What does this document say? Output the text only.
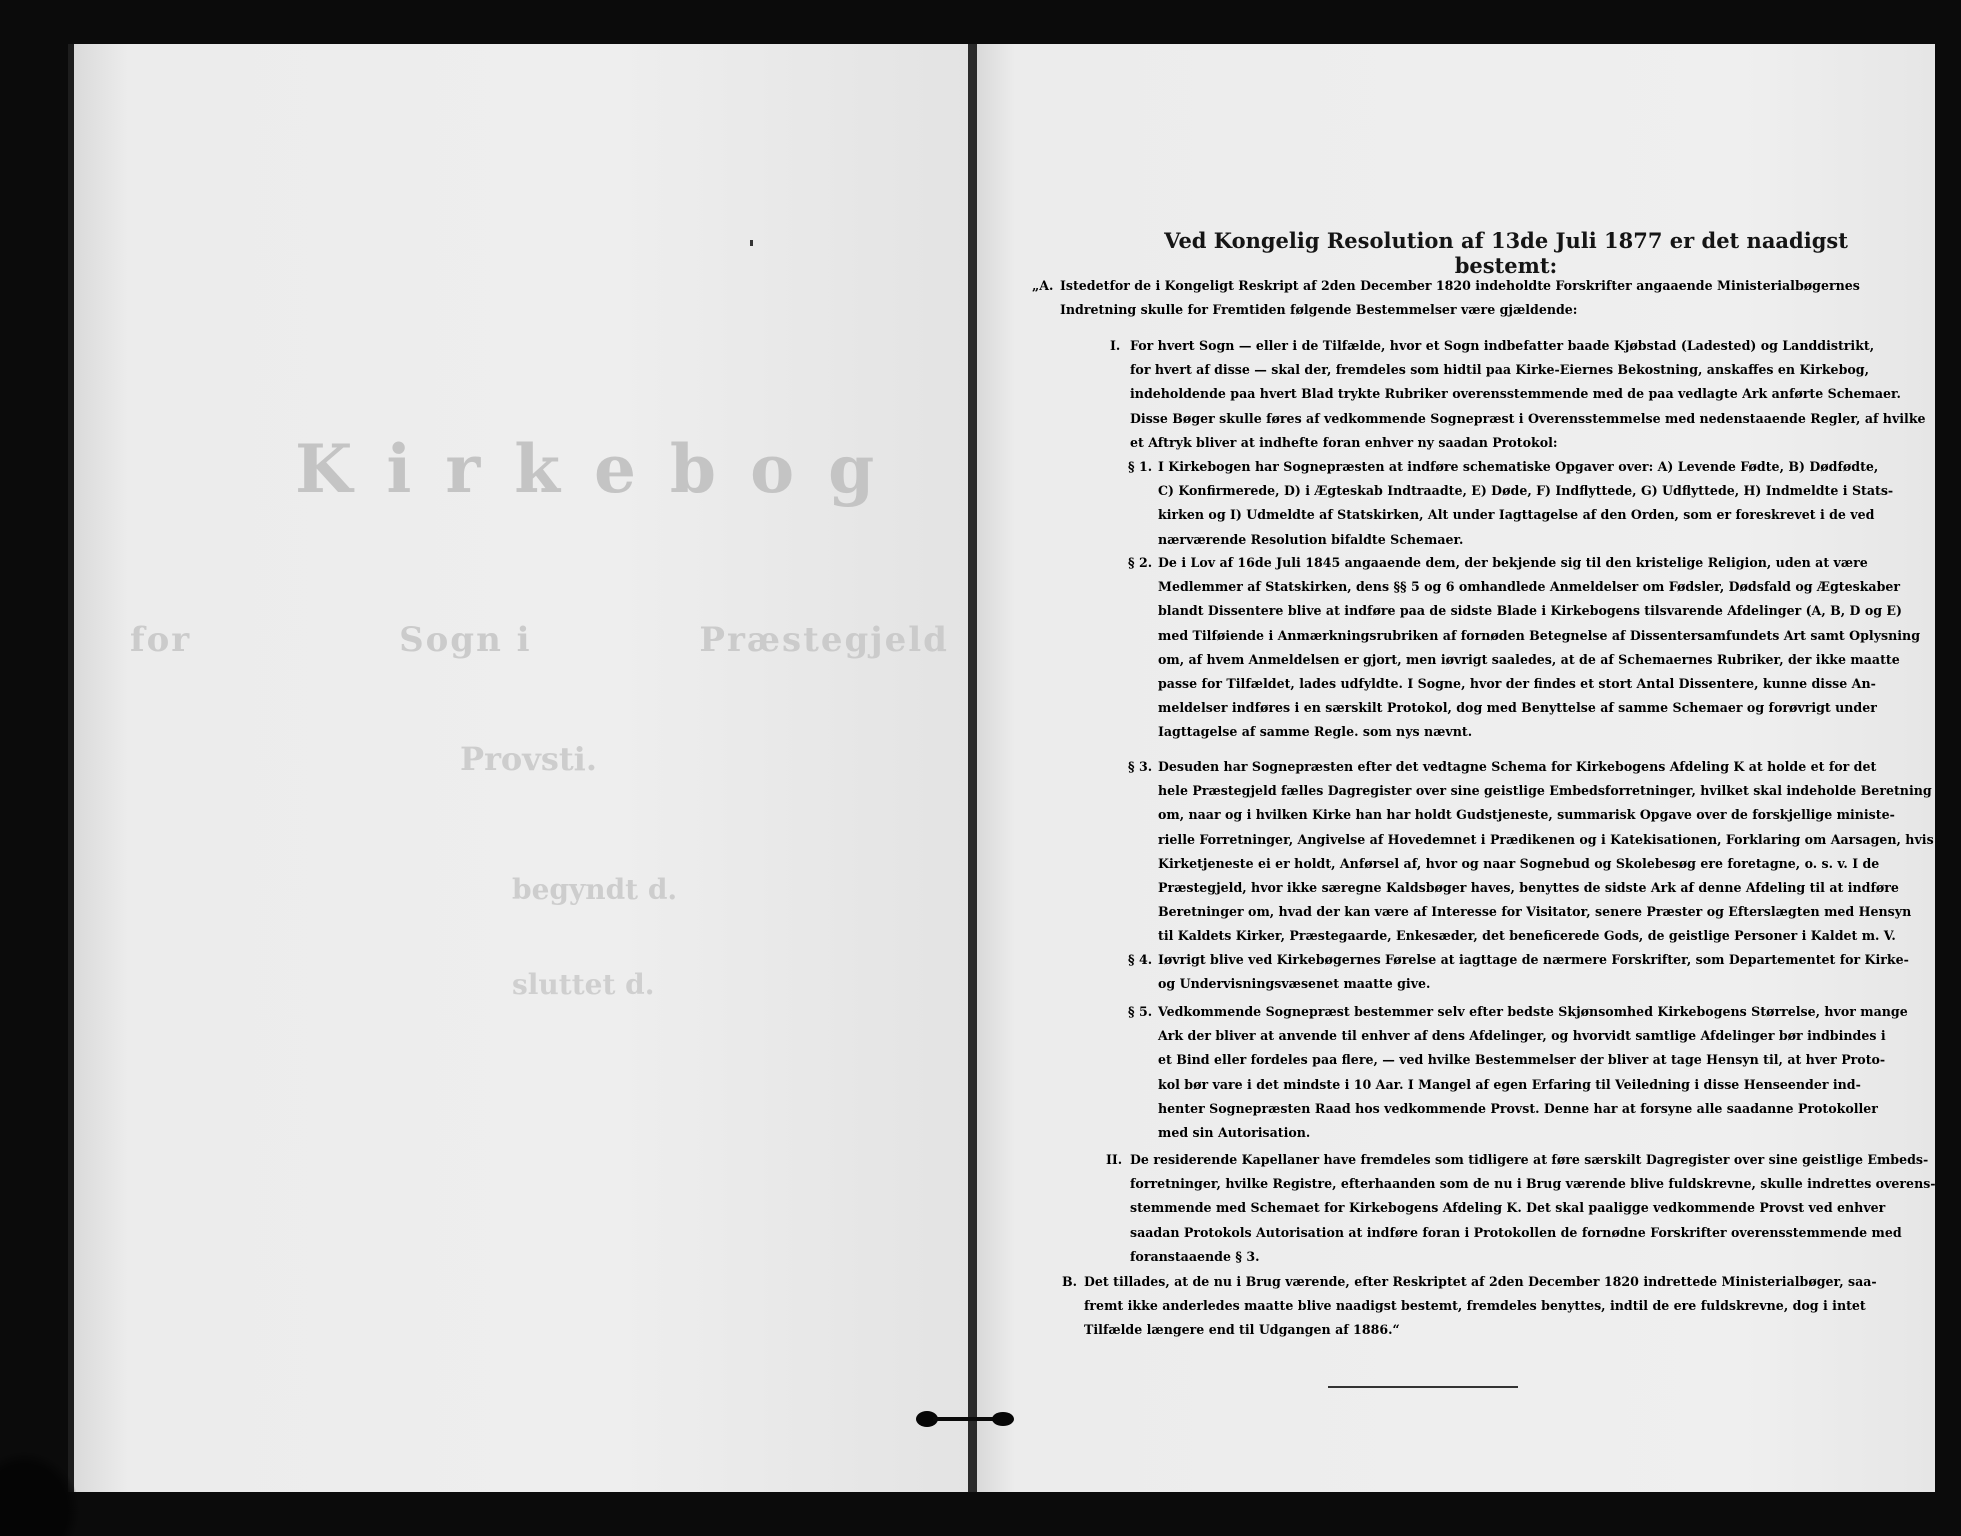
Kirkebog
for	Sogn i	Præstegjeld
Provsti.
begyndt d.
sluttet d.
Ved Kongelig Resolution af 13de Juli 1877 er det naadigst bestemt:
„A. Istedetfor de i Kongeligt Reskript af 2den December 1820 indeholdte Forskrifter angaaende Ministerialbøgernes
Indretning skulle for Fremtiden følgende Bestemmelser være gjældende:
I. For hvert Sogn — eller i de Tilfælde, hvor et Sogn indbefatter baade Kjøbstad (Ladested) og Landdistrikt,
for hvert af disse — skal der, fremdeles som hidtil paa Kirke-Eiernes Bekostning, anskaffes en Kirkebog,
indeholdende paa hvert Blad trykte Rubriker overensstemmende med de paa vedlagte Ark anførte Schemaer.
Disse Bøger skulle føres af vedkommende Sognepræst i Overensstemmelse med nedenstaaende Regler, af hvilke
et Aftryk bliver at indhefte foran enhver ny saadan Protokol:
§ 1. I Kirkebogen har Sognepræsten at indføre schematiske Opgaver over: A) Levende Fødte, B) Dødfødte,
C) Konfirmerede, D) i Ægteskab Indtraadte, E) Døde, F) Indflyttede, G) Udflyttede, H) Indmeldte i Stats-
kirken og I) Udmeldte af Statskirken, Alt under Iagttagelse af den Orden, som er foreskrevet i de ved
nærværende Resolution bifaldte Schemaer.
§ 2. De i Lov af 16de Juli 1845 angaaende dem, der bekjende sig til den kristelige Religion, uden at være
Medlemmer af Statskirken, dens §§ 5 og 6 omhandlede Anmeldelser om Fødsler, Dødsfald og Ægteskaber
blandt Dissentere blive at indføre paa de sidste Blade i Kirkebogens tilsvarende Afdelinger (A, B, D og E)
med Tilføiende i Anmærkningsrubriken af fornøden Betegnelse af Dissentersamfundets Art samt Oplysning
om, af hvem Anmeldelsen er gjort, men iøvrigt saaledes, at de af Schemaernes Rubriker, der ikke maatte
passe for Tilfældet, lades udfyldte. I Sogne, hvor der findes et stort Antal Dissentere, kunne disse An-
meldelser indføres i en særskilt Protokol, dog med Benyttelse af samme Schemaer og forøvrigt under
Iagttagelse af samme Regle. som nys nævnt.
§ 3. Desuden har Sognepræsten efter det vedtagne Schema for Kirkebogens Afdeling K at holde et for det
hele Præstegjeld fælles Dagregister over sine geistlige Embedsforretninger, hvilket skal indeholde Beretning
om, naar og i hvilken Kirke han har holdt Gudstjeneste, summarisk Opgave over de forskjellige ministe-
rielle Forretninger, Angivelse af Hovedemnet i Prædikenen og i Katekisationen, Forklaring om Aarsagen, hvis
Kirketjeneste ei er holdt, Anførsel af, hvor og naar Sognebud og Skolebesøg ere foretagne, o. s. v. I de
Præstegjeld, hvor ikke særegne Kaldsbøger haves, benyttes de sidste Ark af denne Afdeling til at indføre
Beretninger om, hvad der kan være af Interesse for Visitator, senere Præster og Efterslægten med Hensyn
til Kaldets Kirker, Præstegaarde, Enkesæder, det beneficerede Gods, de geistlige Personer i Kaldet m. V.
§ 4. Iøvrigt blive ved Kirkebøgernes Førelse at iagttage de nærmere Forskrifter, som Departementet for Kirke-
og Undervisningsvæsenet maatte give.
§ 5. Vedkommende Sognepræst bestemmer selv efter bedste Skjønsomhed Kirkebogens Størrelse, hvor mange
Ark der bliver at anvende til enhver af dens Afdelinger, og hvorvidt samtlige Afdelinger bør indbindes i
et Bind eller fordeles paa flere, — ved hvilke Bestemmelser der bliver at tage Hensyn til, at hver Proto-
kol bør vare i det mindste i 10 Aar. I Mangel af egen Erfaring til Veiledning i disse Henseender ind-
henter Sognepræsten Raad hos vedkommende Provst. Denne har at forsyne alle saadanne Protokoller
med sin Autorisation.
II. De residerende Kapellaner have fremdeles som tidligere at føre særskilt Dagregister over sine geistlige Embeds-
forretninger, hvilke Registre, efterhaanden som de nu i Brug værende blive fuldskrevne, skulle indrettes overens-
stemmende med Schemaet for Kirkebogens Afdeling K. Det skal paaligge vedkommende Provst ved enhver
saadan Protokols Autorisation at indføre foran i Protokollen de fornødne Forskrifter overensstemmende med
foranstaaende § 3.
B. Det tillades, at de nu i Brug værende, efter Reskriptet af 2den December 1820 indrettede Ministerialbøger, saa-
fremt ikke anderledes maatte blive naadigst bestemt, fremdeles benyttes, indtil de ere fuldskrevne, dog i intet
Tilfælde længere end til Udgangen af 1886.“
